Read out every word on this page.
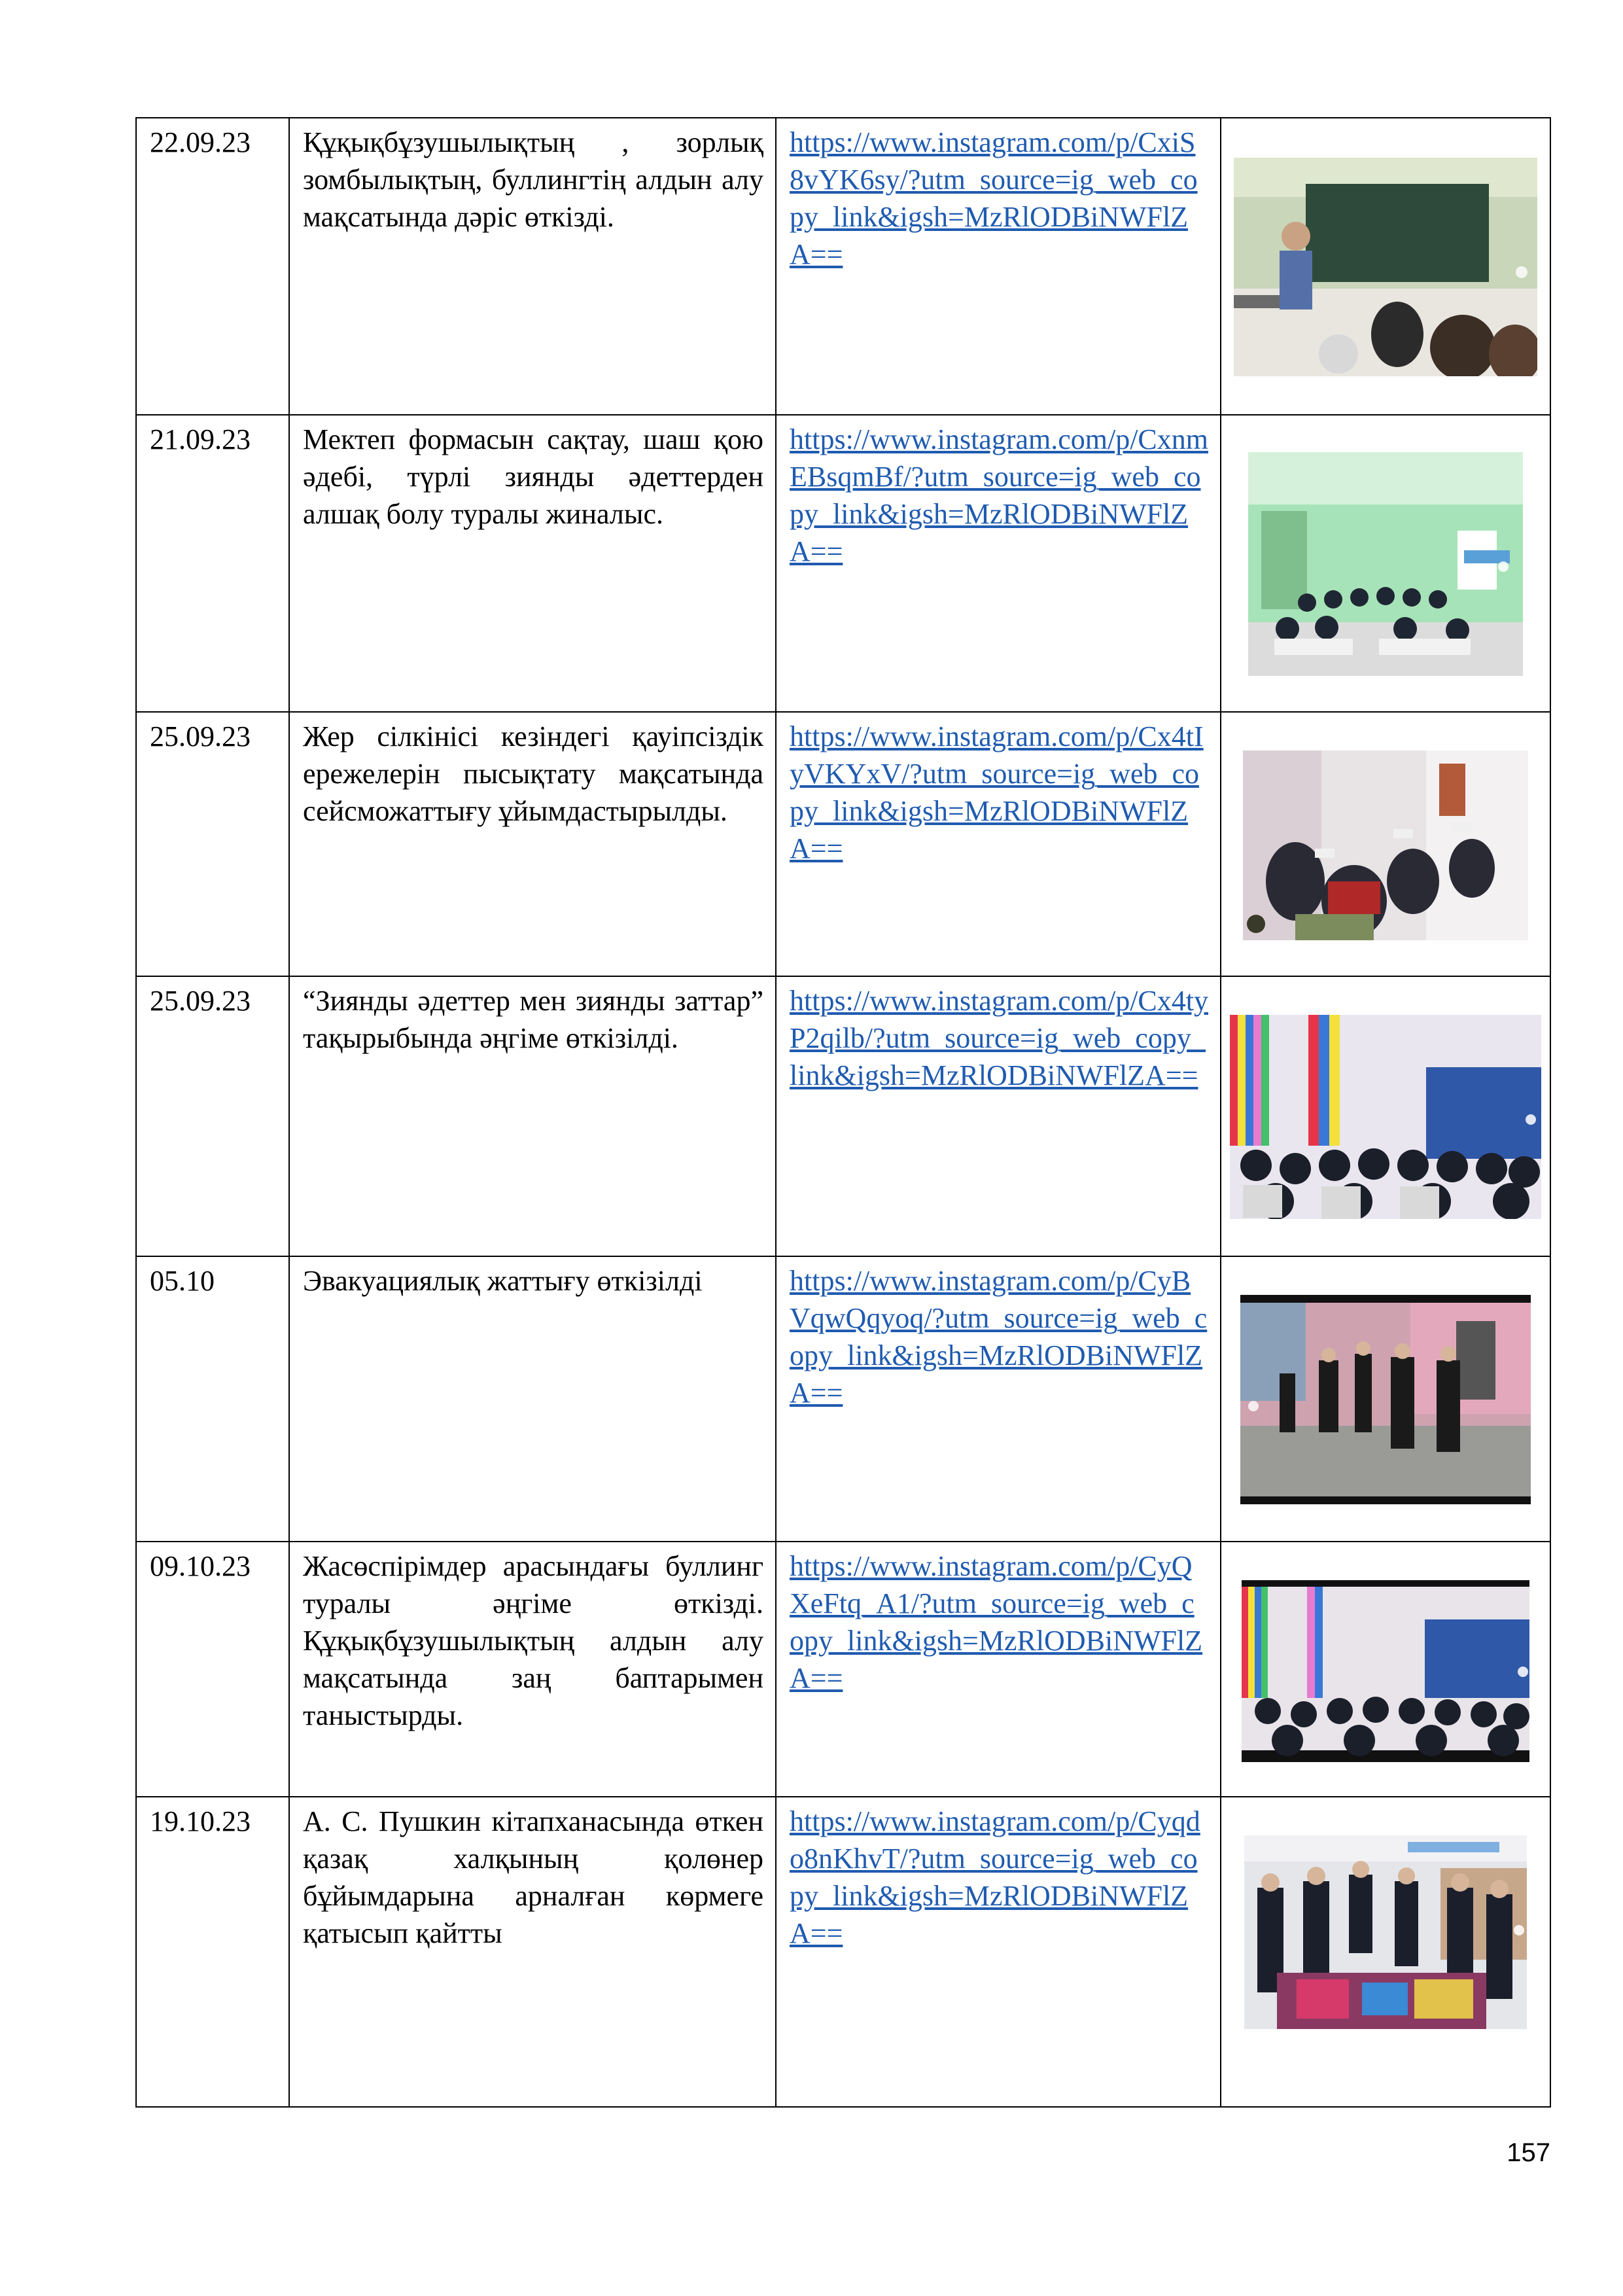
22.09.23	Құқықбұзушылықтың , зорлық зомбылықтың, буллингтің алдын алу мақсатында дәріс өткізді.	https://www.instagram.com/p/CxiS8vYK6sy/?utm_source=ig_web_copy_link&igsh=MzRlODBiNWFlZA==	

21.09.23	Мектеп формасын сақтау, шаш қою әдебі, түрлі зиянды әдеттерден алшақ болу туралы жиналыс.	https://www.instagram.com/p/CxnmEBsqmBf/?utm_source=ig_web_copy_link&igsh=MzRlODBiNWFlZA==	

25.09.23	Жер сілкінісі кезіндегі қауіпсіздік ережелерін пысықтату мақсатында сейсможаттығу ұйымдастырылды.	https://www.instagram.com/p/Cx4tIyVKYxV/?utm_source=ig_web_copy_link&igsh=MzRlODBiNWFlZA==	

25.09.23	“Зиянды әдеттер мен зиянды заттар” тақырыбында әңгіме өткізілді.	https://www.instagram.com/p/Cx4tyP2qilb/?utm_source=ig_web_copy_link&igsh=MzRlODBiNWFlZA==	

05.10	Эвакуациялық жаттығу өткізілді	https://www.instagram.com/p/CyBVqwQqyoq/?utm_source=ig_web_copy_link&igsh=MzRlODBiNWFlZA==	

09.10.23	Жасөспірімдер арасындағы буллинг туралы әңгіме өткізді. Құқықбұзушылықтың алдын алу мақсатында заң баптарымен таныстырды.	https://www.instagram.com/p/CyQXeFtq_A1/?utm_source=ig_web_copy_link&igsh=MzRlODBiNWFlZA==	

19.10.23	А. С. Пушкин кітапханасында өткен қазақ халқының қолөнер бұйымдарына арналған көрмеге қатысып қайтты	https://www.instagram.com/p/Cyqdo8nKhvT/?utm_source=ig_web_copy_link&igsh=MzRlODBiNWFlZA==	
157
